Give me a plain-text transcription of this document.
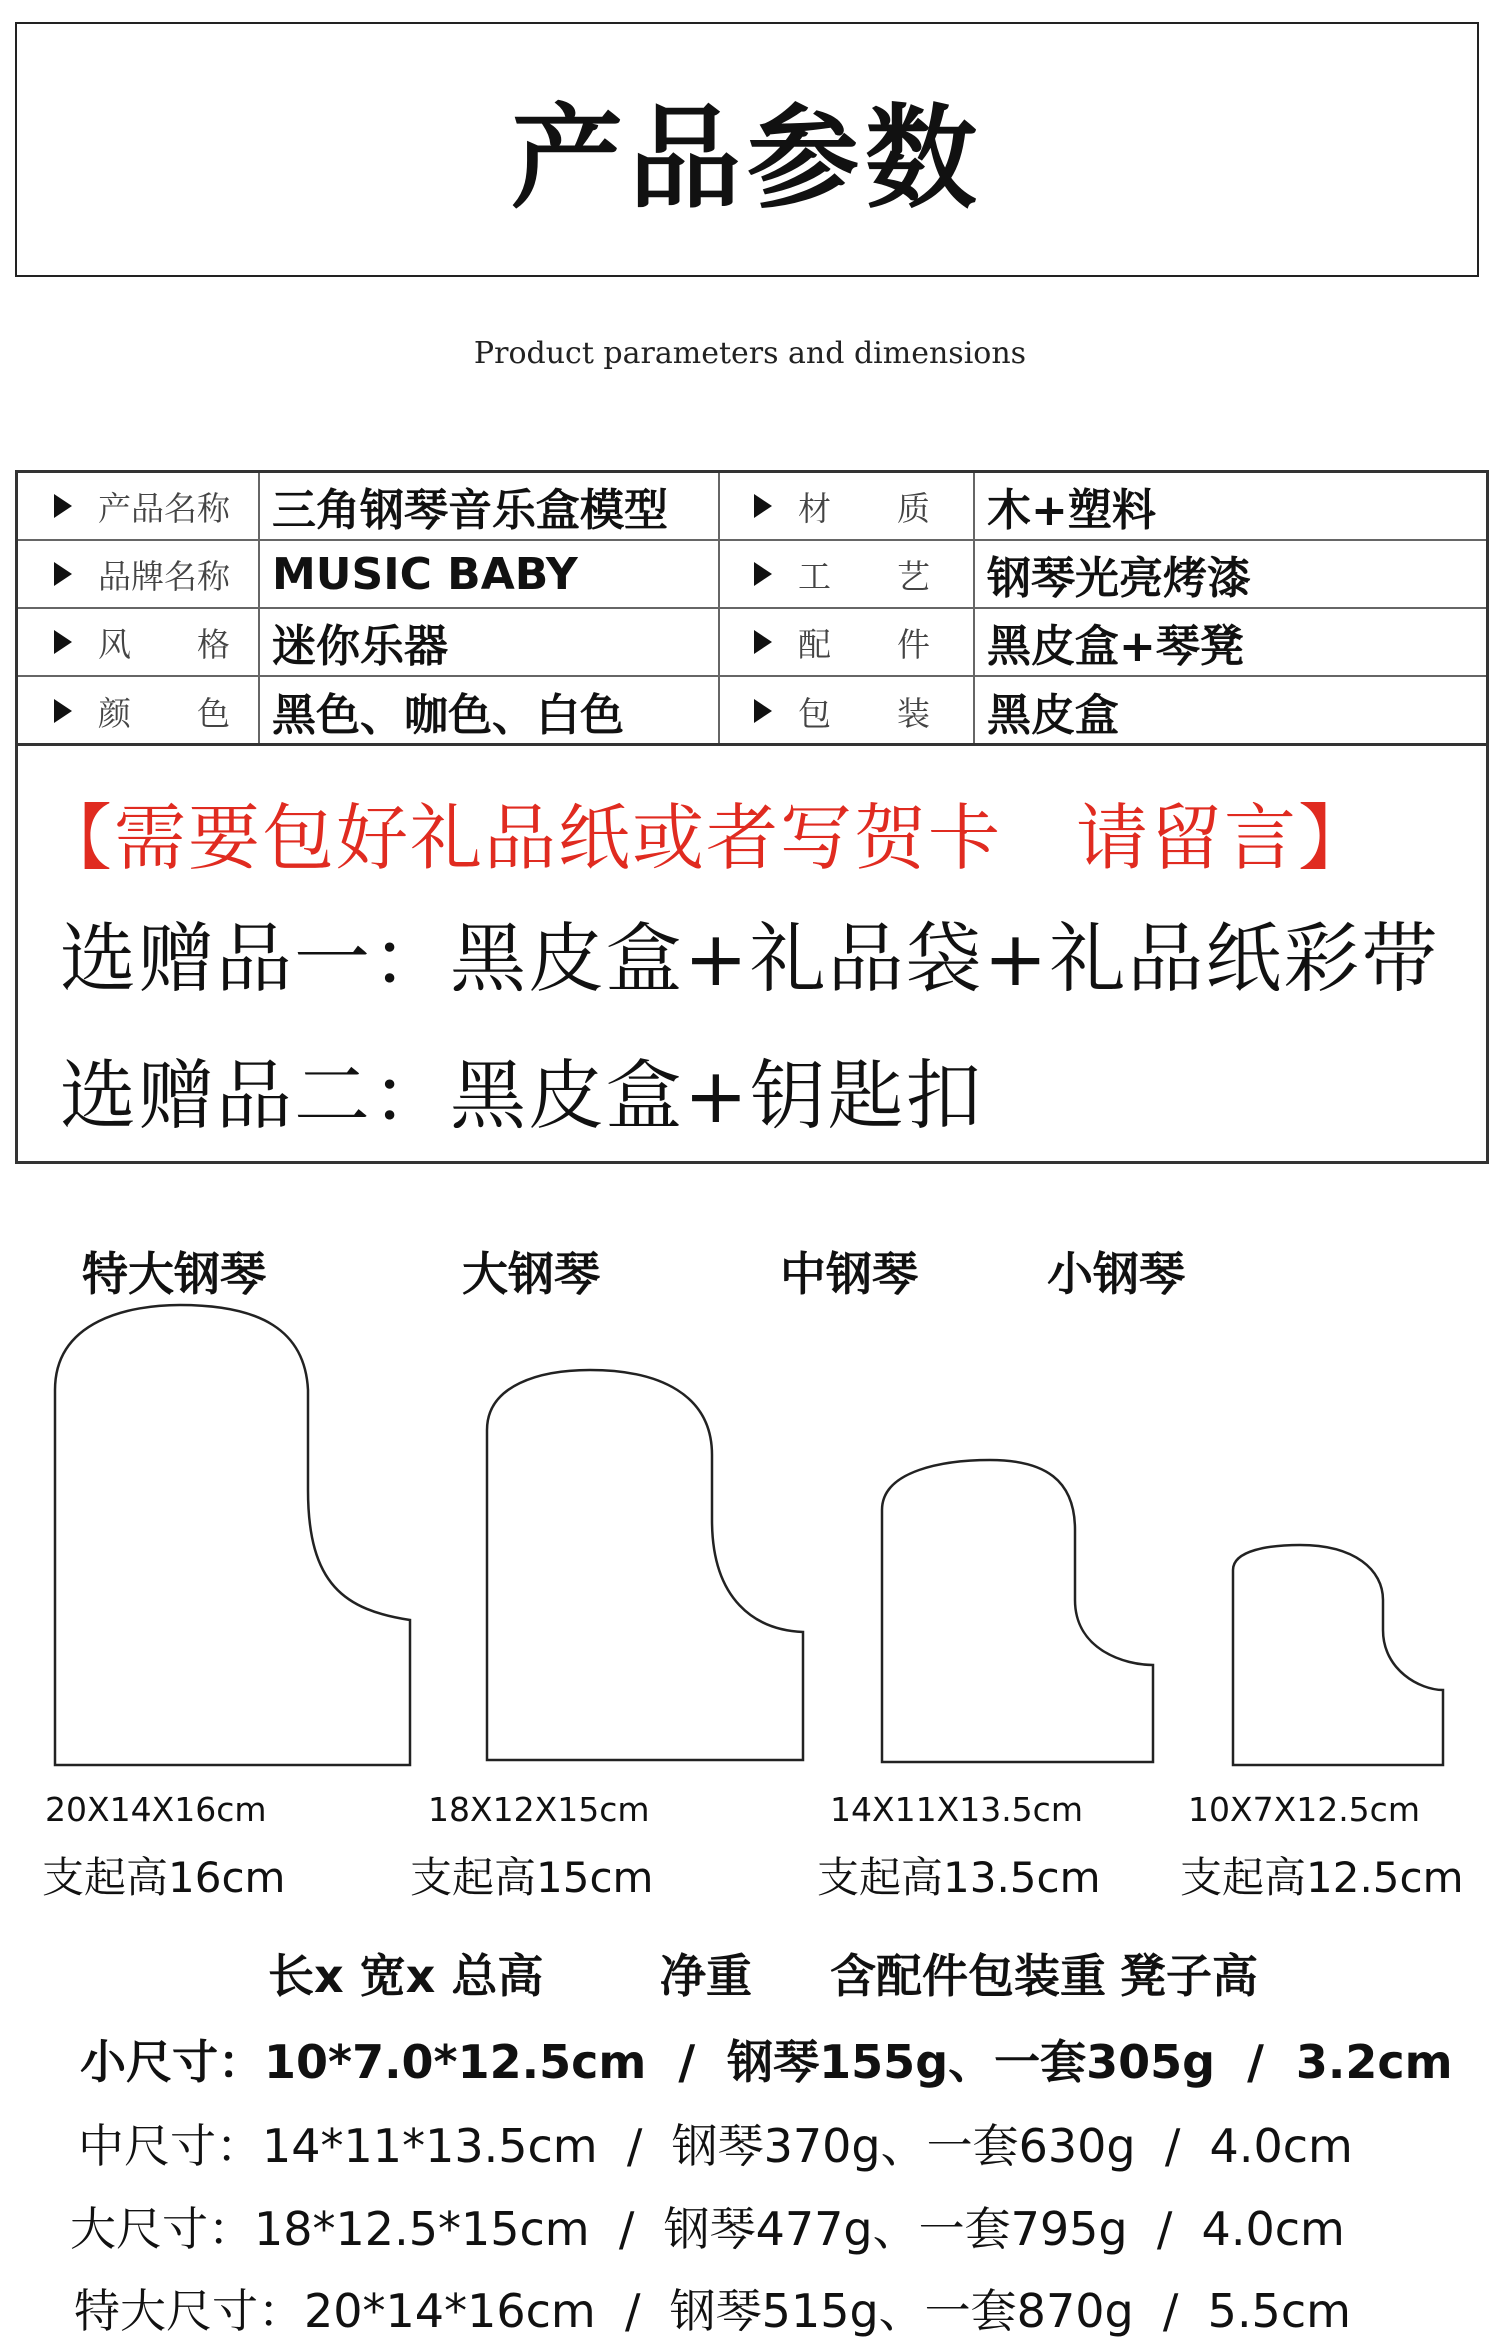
产品参数
Product parameters and dimensions
产品名称 三角钢琴音乐盒模型	材　　质	木+塑料
品牌名称 MUSIC BABY	工　　艺	钢琴光亮烤漆
风　　格 迷你乐器	配　　件	黑皮盒+琴凳
颜　　色 黑色、咖色、白色	包　　装	黑皮盒
【需要包好礼品纸或者写贺卡　请留言】
选赠品一：黑皮盒+礼品袋+礼品纸彩带
选赠品二：黑皮盒+钥匙扣
特大钢琴	大钢琴	中钢琴	小钢琴
20X14X16cm	18X12X15cm	14X11X13.5cm	10X7X12.5cm
支起高16cm	支起高15cm	支起高13.5cm 支起高12.5cm
长x 宽x 总高	净重 含配件包装重 凳子高
小尺寸：10*7.0*12.5cm  /  钢琴155g、一套305g  /  3.2cm
中尺寸：14*11*13.5cm  /  钢琴370g、一套630g  /  4.0cm
大尺寸：18*12.5*15cm  /  钢琴477g、一套795g  /  4.0cm
特大尺寸：20*14*16cm  /  钢琴515g、一套870g  /  5.5cm
